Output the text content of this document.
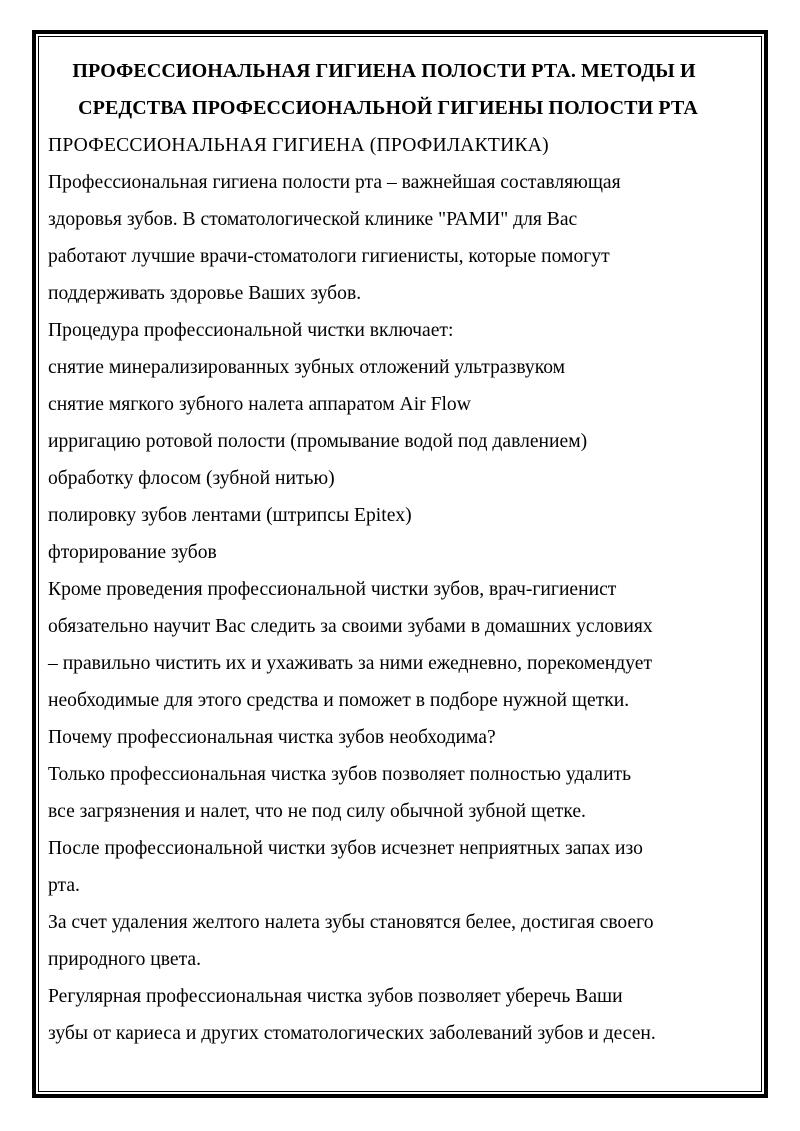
ПРОФЕССИОНАЛЬНАЯ ГИГИЕНА ПОЛОСТИ РТА. МЕТОДЫ И
СРЕДСТВА ПРОФЕССИОНАЛЬНОЙ ГИГИЕНЫ ПОЛОСТИ РТА

ПРОФЕССИОНАЛЬНАЯ ГИГИЕНА (ПРОФИЛАКТИКА)

Профессиональная гигиена полости рта – важнейшая составляющая

здоровья зубов. В стоматологической клинике "РАМИ" для Вас

работают лучшие врачи-стоматологи гигиенисты, которые помогут

поддерживать здоровье Ваших зубов.

Процедура профессиональной чистки включает:

снятие минерализированных зубных отложений ультразвуком

снятие мягкого зубного налета аппаратом Air Flow

ирригацию ротовой полости (промывание водой под давлением)

обработку флосом (зубной нитью)

полировку зубов лентами (штрипсы Epitex)

фторирование зубов

Кроме проведения профессиональной чистки зубов, врач-гигиенист

обязательно научит Вас следить за своими зубами в домашних условиях

– правильно чистить их и ухаживать за ними ежедневно, порекомендует

необходимые для этого средства и поможет в подборе нужной щетки.

Почему профессиональная чистка зубов необходима?

Только профессиональная чистка зубов позволяет полностью удалить

все загрязнения и налет, что не под силу обычной зубной щетке.

После профессиональной чистки зубов исчезнет неприятных запах изо

рта.

За счет удаления желтого налета зубы становятся белее, достигая своего

природного цвета.

Регулярная профессиональная чистка зубов позволяет уберечь Ваши

зубы от кариеса и других стоматологических заболеваний зубов и десен.
